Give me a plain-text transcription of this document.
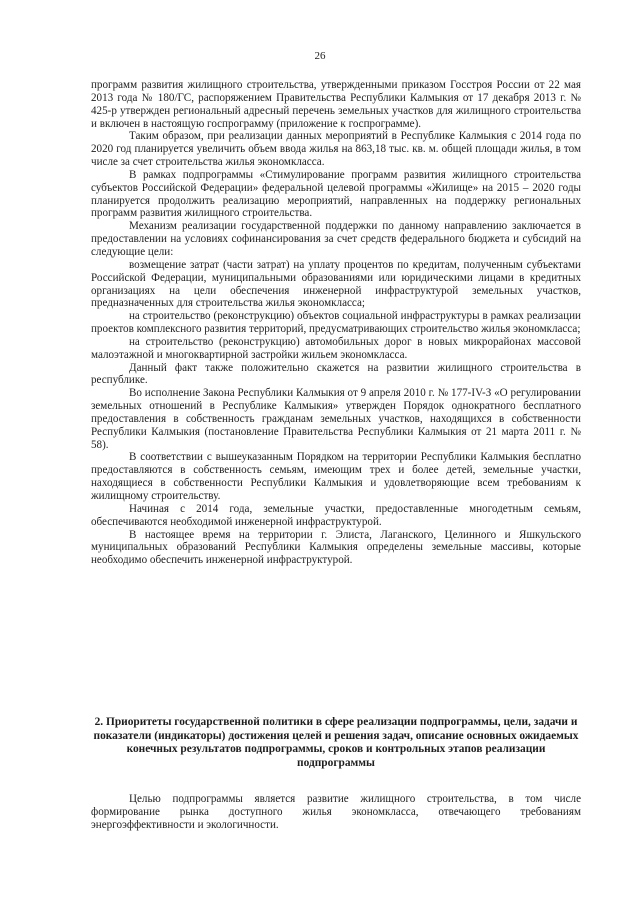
26

программ развития жилищного строительства, утвержденными приказом Госстроя России от 22 мая 2013 года № 180/ГС, распоряжением Правительства Республики Калмыкия от 17 декабря 2013 г. № 425-р утвержден региональный адресный перечень земельных участков для жилищного строительства и включен в настоящую госпрограмму (приложение к госпрограмме).

Таким образом, при реализации данных мероприятий в Республике Калмыкия с 2014 года по 2020 год планируется увеличить объем ввода жилья на 863,18 тыс. кв. м. общей площади жилья, в том числе за счет строительства жилья экономкласса.

В рамках подпрограммы «Стимулирование программ развития жилищного строительства субъектов Российской Федерации» федеральной целевой программы «Жилище» на 2015 – 2020 годы планируется продолжить реализацию мероприятий, направленных на поддержку региональных программ развития жилищного строительства.

Механизм реализации государственной поддержки по данному направлению заключается в предоставлении на условиях софинансирования за счет средств федерального бюджета и субсидий на следующие цели:

возмещение затрат (части затрат) на уплату процентов по кредитам, полученным субъектами Российской Федерации, муниципальными образованиями или юридическими лицами в кредитных организациях на цели обеспечения инженерной инфраструктурой земельных участков, предназначенных для строительства жилья экономкласса;

на строительство (реконструкцию) объектов социальной инфраструктуры в рамках реализации проектов комплексного развития территорий, предусматривающих строительство жилья экономкласса;

на строительство (реконструкцию) автомобильных дорог в новых микрорайонах массовой малоэтажной и многоквартирной застройки жильем экономкласса.

Данный факт также положительно скажется на развитии жилищного строительства в республике.

Во исполнение Закона Республики Калмыкия от 9 апреля 2010 г. № 177-IV-З «О регулировании земельных отношений в Республике Калмыкия» утвержден Порядок однократного бесплатного предоставления в собственность гражданам земельных участков, находящихся в собственности Республики Калмыкия (постановление Правительства Республики Калмыкия от 21 марта 2011 г. № 58).

В соответствии с вышеуказанным Порядком на территории Республики Калмыкия бесплатно предоставляются в собственность семьям, имеющим трех и более детей, земельные участки, находящиеся в собственности Республики Калмыкия и удовлетворяющие всем требованиям к жилищному строительству.

Начиная с 2014 года, земельные участки, предоставленные многодетным семьям, обеспечиваются необходимой инженерной инфраструктурой.

В настоящее время на территории г. Элиста, Лаганского, Целинного и Яшкульского муниципальных образований Республики Калмыкия определены земельные массивы, которые необходимо обеспечить инженерной инфраструктурой.

2. Приоритеты государственной политики в сфере реализации подпрограммы, цели, задачи и показатели (индикаторы) достижения целей и решения задач, описание основных ожидаемых конечных результатов подпрограммы, сроков и контрольных этапов реализации подпрограммы

Целью подпрограммы является развитие жилищного строительства, в том числе формирование рынка доступного жилья экономкласса, отвечающего требованиям энергоэффективности и экологичности.
